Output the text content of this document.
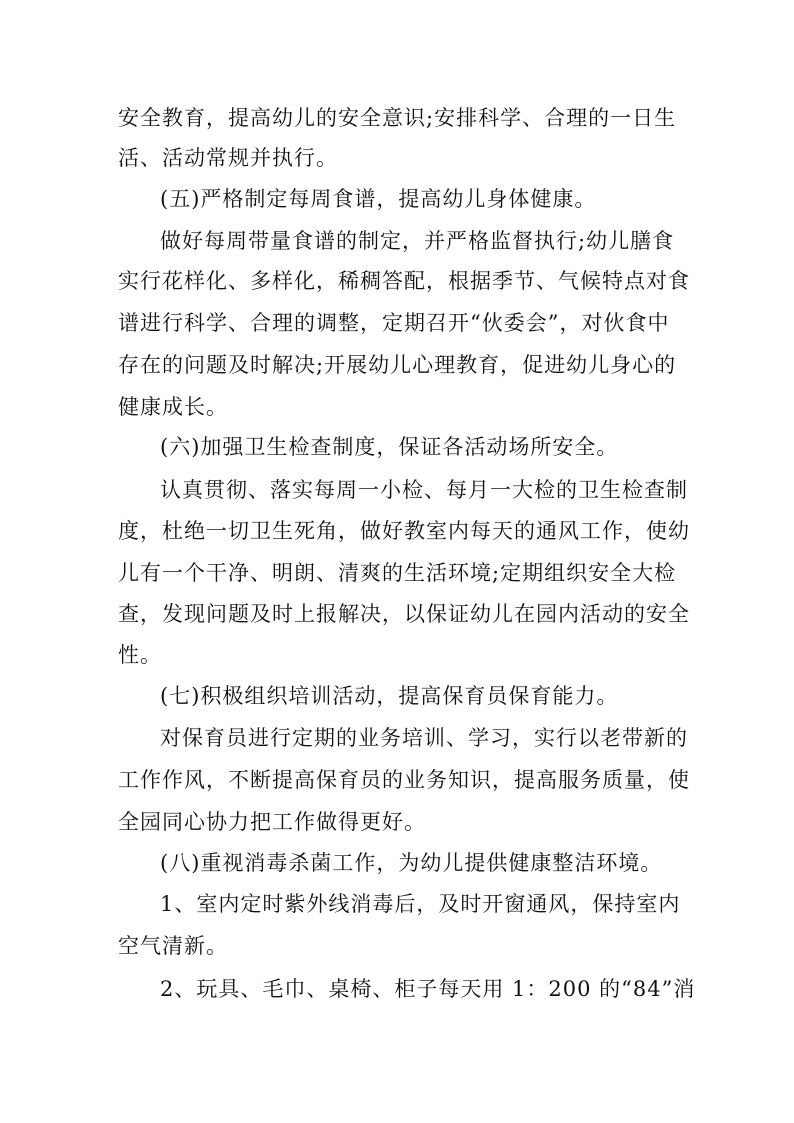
安全教育，提高幼儿的安全意识;安排科学、合理的一日生
活、活动常规并执行。
(五)严格制定每周食谱，提高幼儿身体健康。
做好每周带量食谱的制定，并严格监督执行;幼儿膳食
实行花样化、多样化，稀稠答配，根据季节、气候特点对食
谱进行科学、合理的调整，定期召开“伙委会”，对伙食中
存在的问题及时解决;开展幼儿心理教育，促进幼儿身心的
健康成长。
(六)加强卫生检查制度，保证各活动场所安全。
认真贯彻、落实每周一小检、每月一大检的卫生检查制
度，杜绝一切卫生死角，做好教室内每天的通风工作，使幼
儿有一个干净、明朗、清爽的生活环境;定期组织安全大检
查，发现问题及时上报解决，以保证幼儿在园内活动的安全
性。
(七)积极组织培训活动，提高保育员保育能力。
对保育员进行定期的业务培训、学习，实行以老带新的
工作作风，不断提高保育员的业务知识，提高服务质量，使
全园同心协力把工作做得更好。
(八)重视消毒杀菌工作，为幼儿提供健康整洁环境。
1、室内定时紫外线消毒后，及时开窗通风，保持室内
空气清新。
2、玩具、毛巾、桌椅、柜子每天用 1：200 的“84”消
